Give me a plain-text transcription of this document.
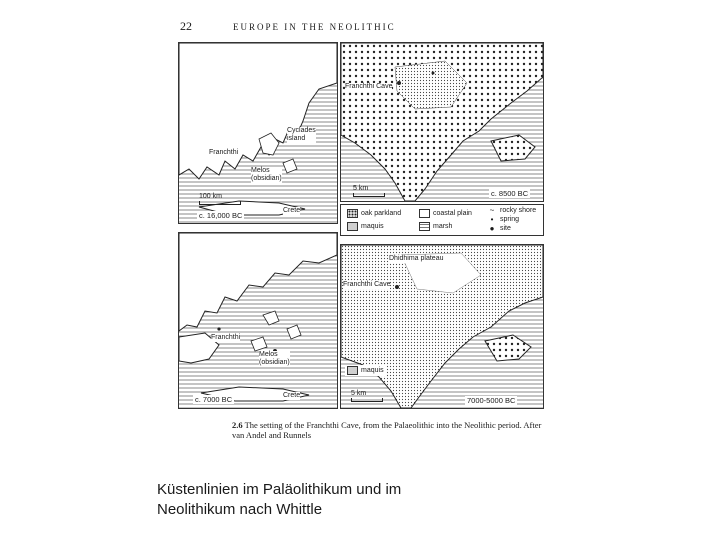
22	EUROPE IN THE NEOLITHIC
Cyclades
island
Franchthi
Melos
(obsidian)
Crete
100 km
c. 16,000 BC
Franchthi Cave
5 km
c. 8500 BC
oak parkland
maquis
coastal plain
marsh
~ rocky shore
• spring
● site
Franchthi
Melos
(obsidian)
Crete
c. 7000 BC
Dhidhima plateau
Franchthi Cave
maquis
5 km
7000-5000 BC
2.6 The setting of the Franchthi Cave, from the Palaeolithic into the Neolithic period. After van Andel and Runnels
Küstenlinien im Paläolithikum und im
Neolithikum nach Whittle
